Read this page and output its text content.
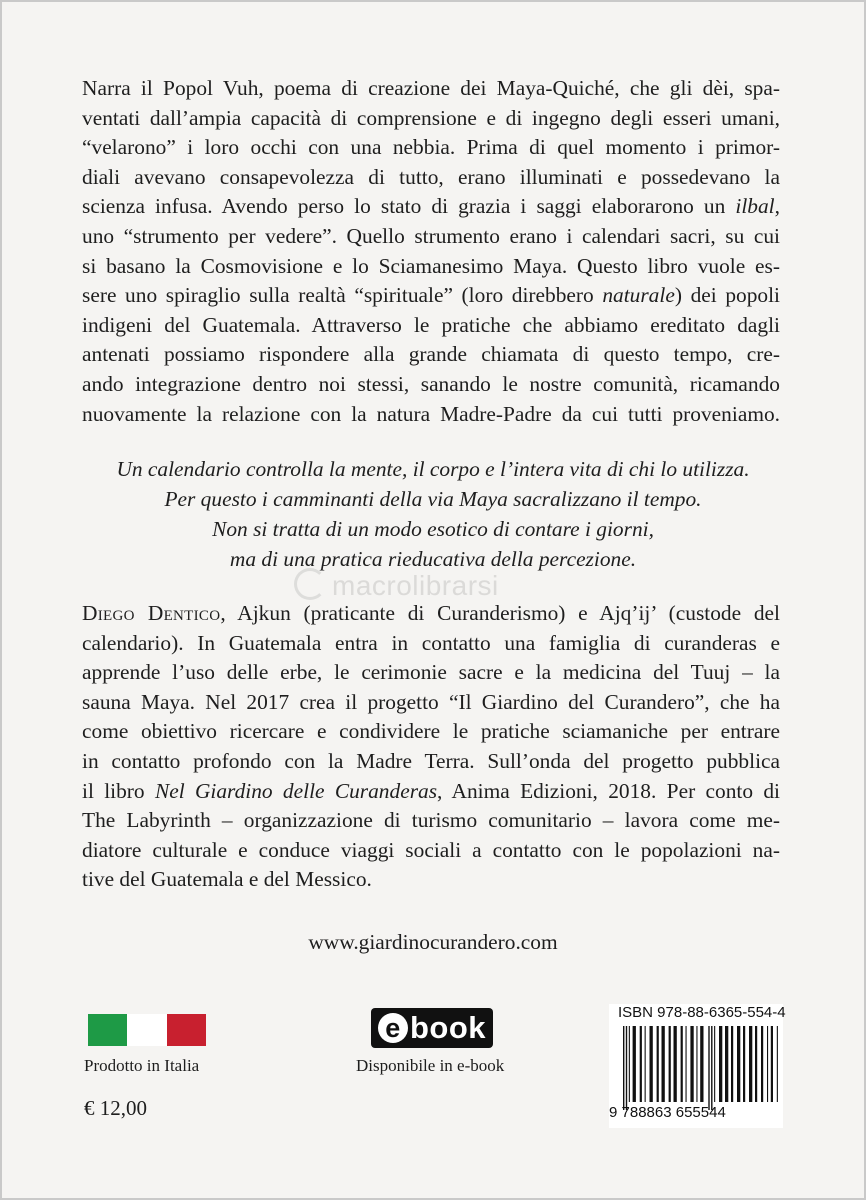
Narra il Popol Vuh, poema di creazione dei Maya-Quiché, che gli dèi, spa-
ventati dall’ampia capacità di comprensione e di ingegno degli esseri umani,
“velarono” i loro occhi con una nebbia. Prima di quel momento i primor-
diali avevano consapevolezza di tutto, erano illuminati e possedevano la
scienza infusa. Avendo perso lo stato di grazia i saggi elaborarono un ilbal,
uno “strumento per vedere”. Quello strumento erano i calendari sacri, su cui
si basano la Cosmovisione e lo Sciamanesimo Maya. Questo libro vuole es-
sere uno spiraglio sulla realtà “spirituale” (loro direbbero naturale) dei popoli
indigeni del Guatemala. Attraverso le pratiche che abbiamo ereditato dagli
antenati possiamo rispondere alla grande chiamata di questo tempo, cre-
ando integrazione dentro noi stessi, sanando le nostre comunità, ricamando
nuovamente la relazione con la natura Madre-Padre da cui tutti proveniamo.
Un calendario controlla la mente, il corpo e l’intera vita di chi lo utilizza.
Per questo i camminanti della via Maya sacralizzano il tempo.
Non si tratta di un modo esotico di contare i giorni,
ma di una pratica rieducativa della percezione.
macrolibrarsi
Diego Dentico, Ajkun (praticante di Curanderismo) e Ajq’ij’ (custode del
calendario). In Guatemala entra in contatto una famiglia di curanderas e
apprende l’uso delle erbe, le cerimonie sacre e la medicina del Tuuj – la
sauna Maya. Nel 2017 crea il progetto “Il Giardino del Curandero”, che ha
come obiettivo ricercare e condividere le pratiche sciamaniche per entrare
in contatto profondo con la Madre Terra. Sull’onda del progetto pubblica
il libro Nel Giardino delle Curanderas, Anima Edizioni, 2018. Per conto di
The Labyrinth – organizzazione di turismo comunitario – lavora come me-
diatore culturale e conduce viaggi sociali a contatto con le popolazioni na-
tive del Guatemala e del Messico.
www.giardinocurandero.com
Prodotto in Italia
€ 12,00
e book
Disponibile in e-book
ISBN 978-88-6365-554-4
9 788863 655544
